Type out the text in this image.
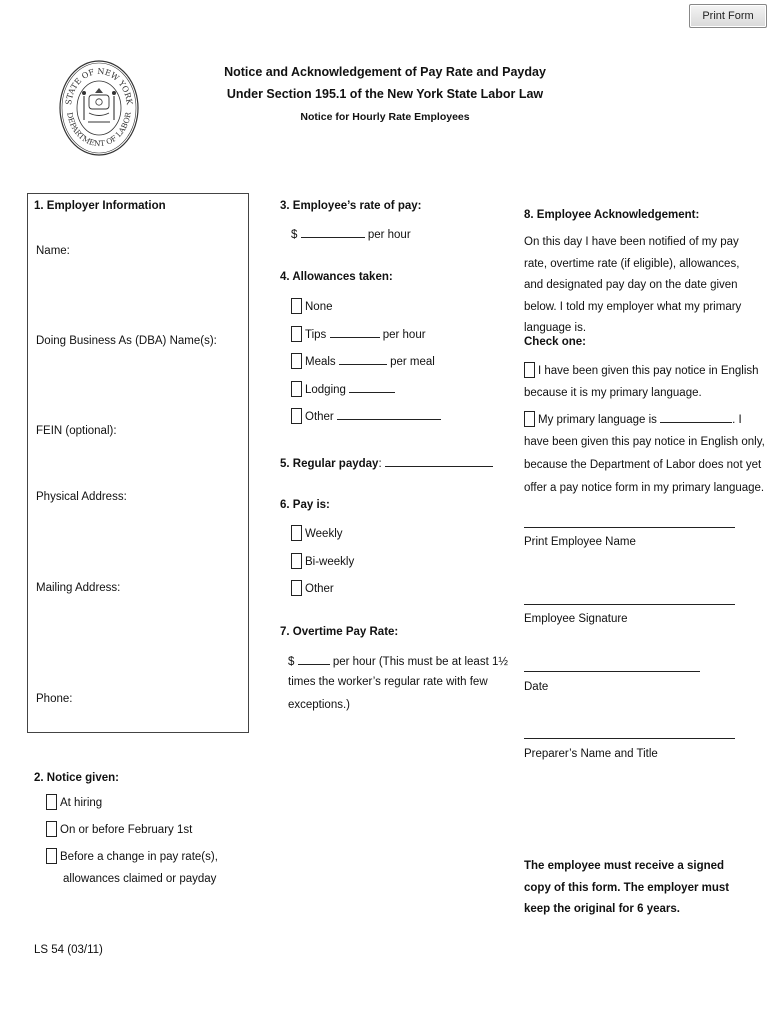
Print Form
STATE OF NEW YORK
DEPARTMENT OF LABOR
Notice and Acknowledgement of Pay Rate and Payday
Under Section 195.1 of the New York State Labor Law
Notice for Hourly Rate Employees
1. Employer Information
Name:
Doing Business As (DBA) Name(s):
FEIN (optional):
Physical Address:
Mailing Address:
Phone:
2. Notice given:
At hiring
On or before February 1st
Before a change in pay rate(s),
allowances claimed or payday
LS 54 (03/11)
3. Employee’s rate of pay:
$	per hour
4. Allowances taken:
None
Tips	per hour
Meals	per meal
Lodging
Other
5. Regular payday:
6. Pay is:
Weekly
Bi-weekly
Other
7. Overtime Pay Rate:
$	per hour (This must be at least 1½
times the worker’s regular rate with few
exceptions.)
8. Employee Acknowledgement:
On this day I have been notified of my pay rate, overtime rate (if eligible), allowances, and designated pay day on the date given below. I told my employer what my primary language is.
Check one:
I have been given this pay notice in English
because it is my primary language.
My primary language is	. I
have been given this pay notice in English only,
because the Department of Labor does not yet
offer a pay notice form in my primary language.
Print Employee Name
Employee Signature
Date
Preparer’s Name and Title
The employee must receive a signed copy of this form. The employer must keep the original for 6 years.
